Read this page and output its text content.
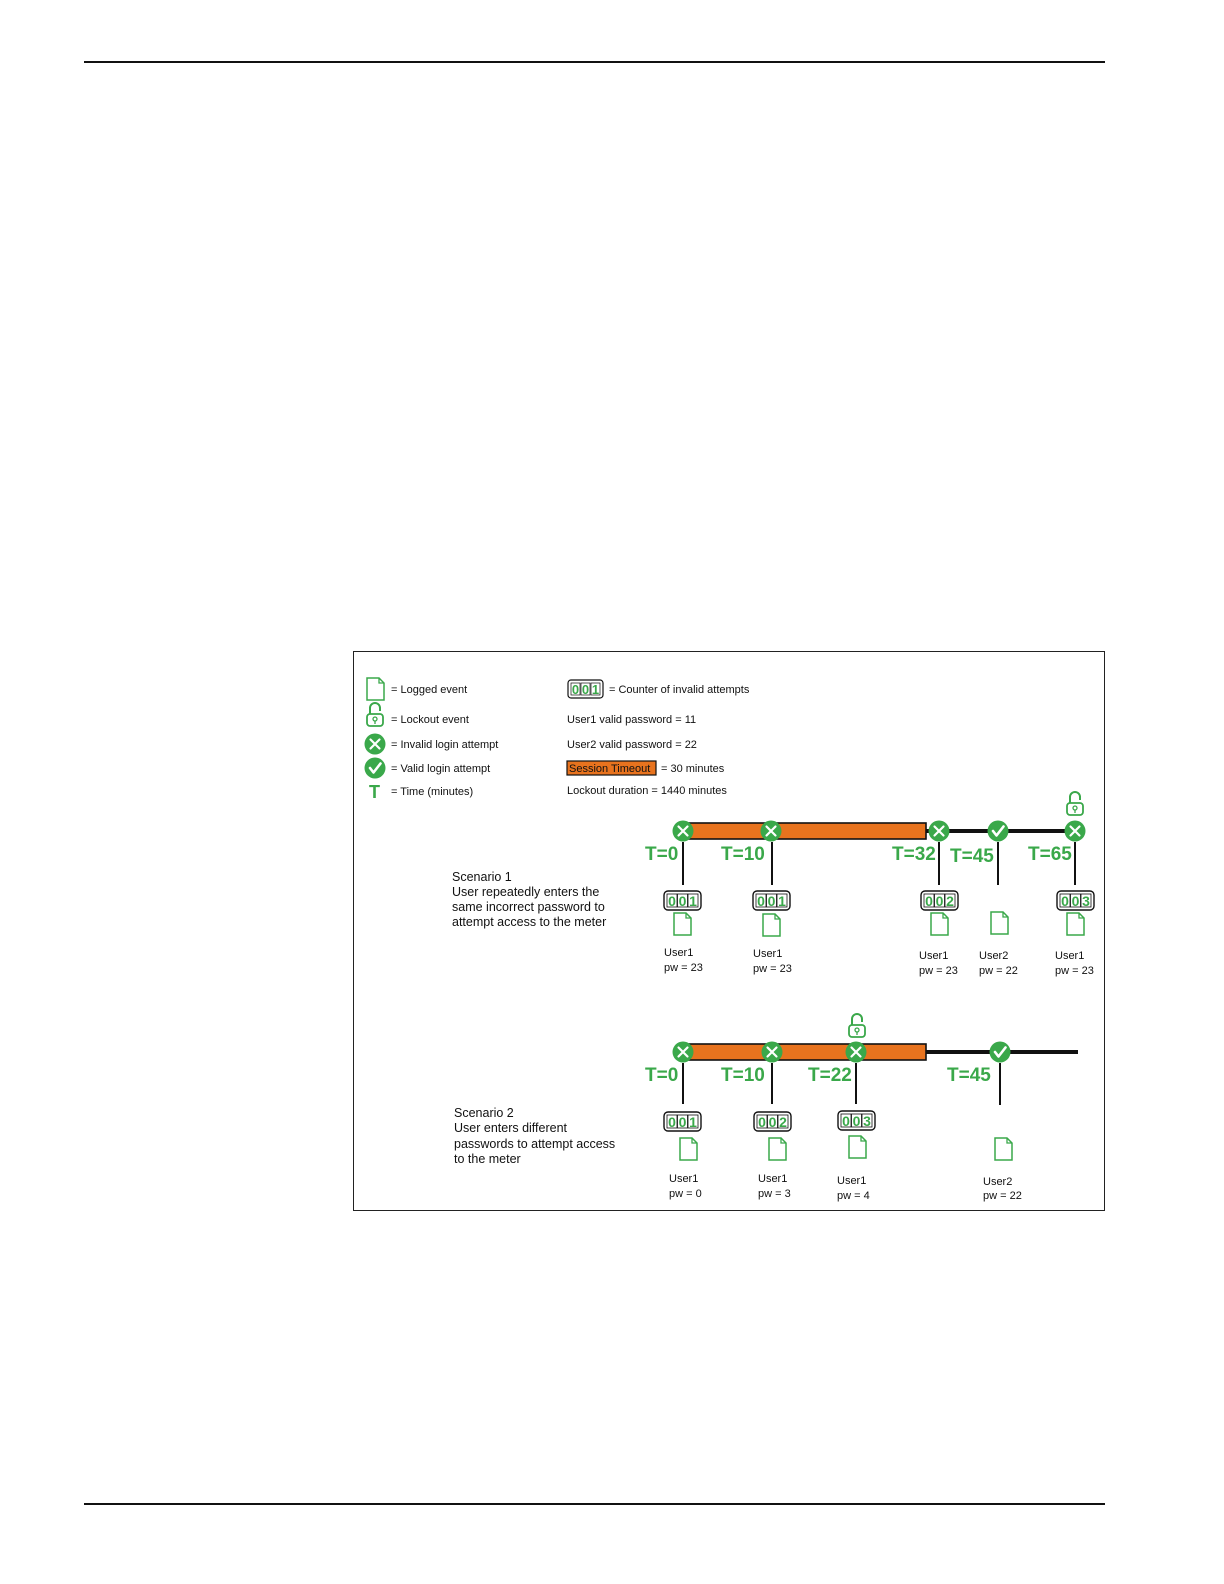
= Logged event
= Lockout event
= Invalid login attempt
= Valid login attempt
T = Time (minutes)
0 0 1 = Counter of invalid attempts
User1 valid password = 11
User2 valid password = 22
Session Timeout = 30 minutes
Lockout duration = 1440 minutes
Scenario 1
User repeatedly enters the
same incorrect password to
attempt access to the meter
T=0
0 0 1
User1
pw = 23
T=10
0 0 1
User1
pw = 23
T=32
0 0 2
User1
pw = 23
T=45
User2
pw = 22
T=65
0 0 3
User1
pw = 23
Scenario 2
User enters different
passwords to attempt access
to the meter
T=0
0 0 1
User1
pw = 0
T=10
0 0 2
User1
pw = 3
T=22
0 0 3
User1
pw = 4
T=45
User2
pw = 22
